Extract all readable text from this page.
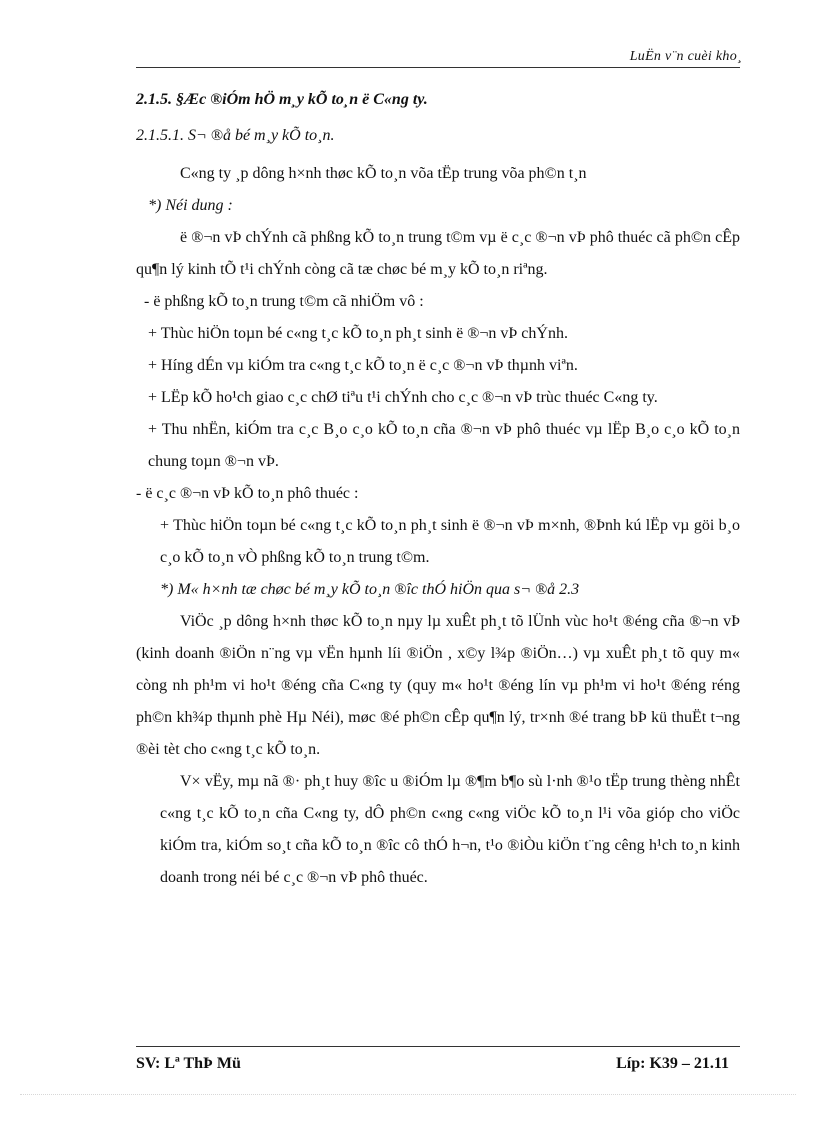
LuËn v¨n cuèi kho¸

2.1.5. §Æc ®iÓm hÖ m¸y kÕ to¸n ë C«ng ty.

2.1.5.1. S¬ ®å bé m¸y kÕ to¸n.

C«ng ty ¸p dông h×nh thøc kÕ to¸n võa tËp trung võa ph©n t¸n

*) Néi dung :

ë ®¬n vÞ chÝnh cã phßng kÕ to¸n trung t©m vµ ë c¸c ®¬n vÞ phô thuéc cã ph©n cÊp qu¶n lý kinh tÕ t¹i chÝnh còng cã tæ chøc bé m¸y kÕ to¸n riªng.

- ë phßng kÕ to¸n trung t©m cã nhiÖm vô :

+ Thùc hiÖn toµn bé c«ng t¸c kÕ to¸n ph¸t sinh ë ®¬n vÞ chÝnh.

+ Híng dÉn vµ kiÓm tra c«ng t¸c kÕ to¸n ë c¸c ®¬n vÞ thµnh viªn.

+ LËp kÕ ho¹ch giao c¸c chØ tiªu t¹i chÝnh cho c¸c ®¬n vÞ trùc thuéc C«ng ty.

+ Thu nhËn, kiÓm tra c¸c B¸o c¸o kÕ to¸n cña ®¬n vÞ phô thuéc vµ lËp B¸o c¸o kÕ to¸n chung toµn ®¬n vÞ.

- ë c¸c ®¬n vÞ kÕ to¸n phô thuéc :

+ Thùc hiÖn toµn bé c«ng t¸c kÕ to¸n ph¸t sinh ë ®¬n vÞ m×nh, ®Þnh kú lËp vµ göi b¸o c¸o kÕ to¸n vÒ phßng kÕ to¸n trung t©m.

*) M« h×nh tæ chøc bé m¸y kÕ to¸n ®îc thÓ hiÖn qua s¬ ®å 2.3

ViÖc ¸p dông h×nh thøc kÕ to¸n nµy lµ xuÊt ph¸t tõ lÜnh vùc ho¹t ®éng cña ®¬n vÞ (kinh doanh ®iÖn n¨ng vµ vËn hµnh líi ®iÖn , x©y l¾p ®iÖn…) vµ xuÊt ph¸t tõ quy m« còng nh ph¹m vi ho¹t ®éng cña C«ng ty (quy m« ho¹t ®éng lín vµ ph¹m vi ho¹t ®éng réng ph©n kh¾p thµnh phè Hµ Néi), møc ®é ph©n cÊp qu¶n lý, tr×nh ®é trang bÞ kü thuËt t¬ng ®èi tèt cho c«ng t¸c kÕ to¸n.

V× vËy, mµ nã ®· ph¸t huy ®îc u ®iÓm lµ ®¶m b¶o sù l·nh ®¹o tËp trung thèng nhÊt c«ng t¸c kÕ to¸n cña C«ng ty, dÔ ph©n c«ng c«ng viÖc kÕ to¸n l¹i võa gióp cho viÖc kiÓm tra, kiÓm so¸t cña kÕ to¸n ®îc cô thÓ h¬n, t¹o ®iÒu kiÖn t¨ng cêng h¹ch to¸n kinh doanh trong néi bé c¸c ®¬n vÞ phô thuéc.

SV: Lª ThÞ Mü	Líp: K39 – 21.11
